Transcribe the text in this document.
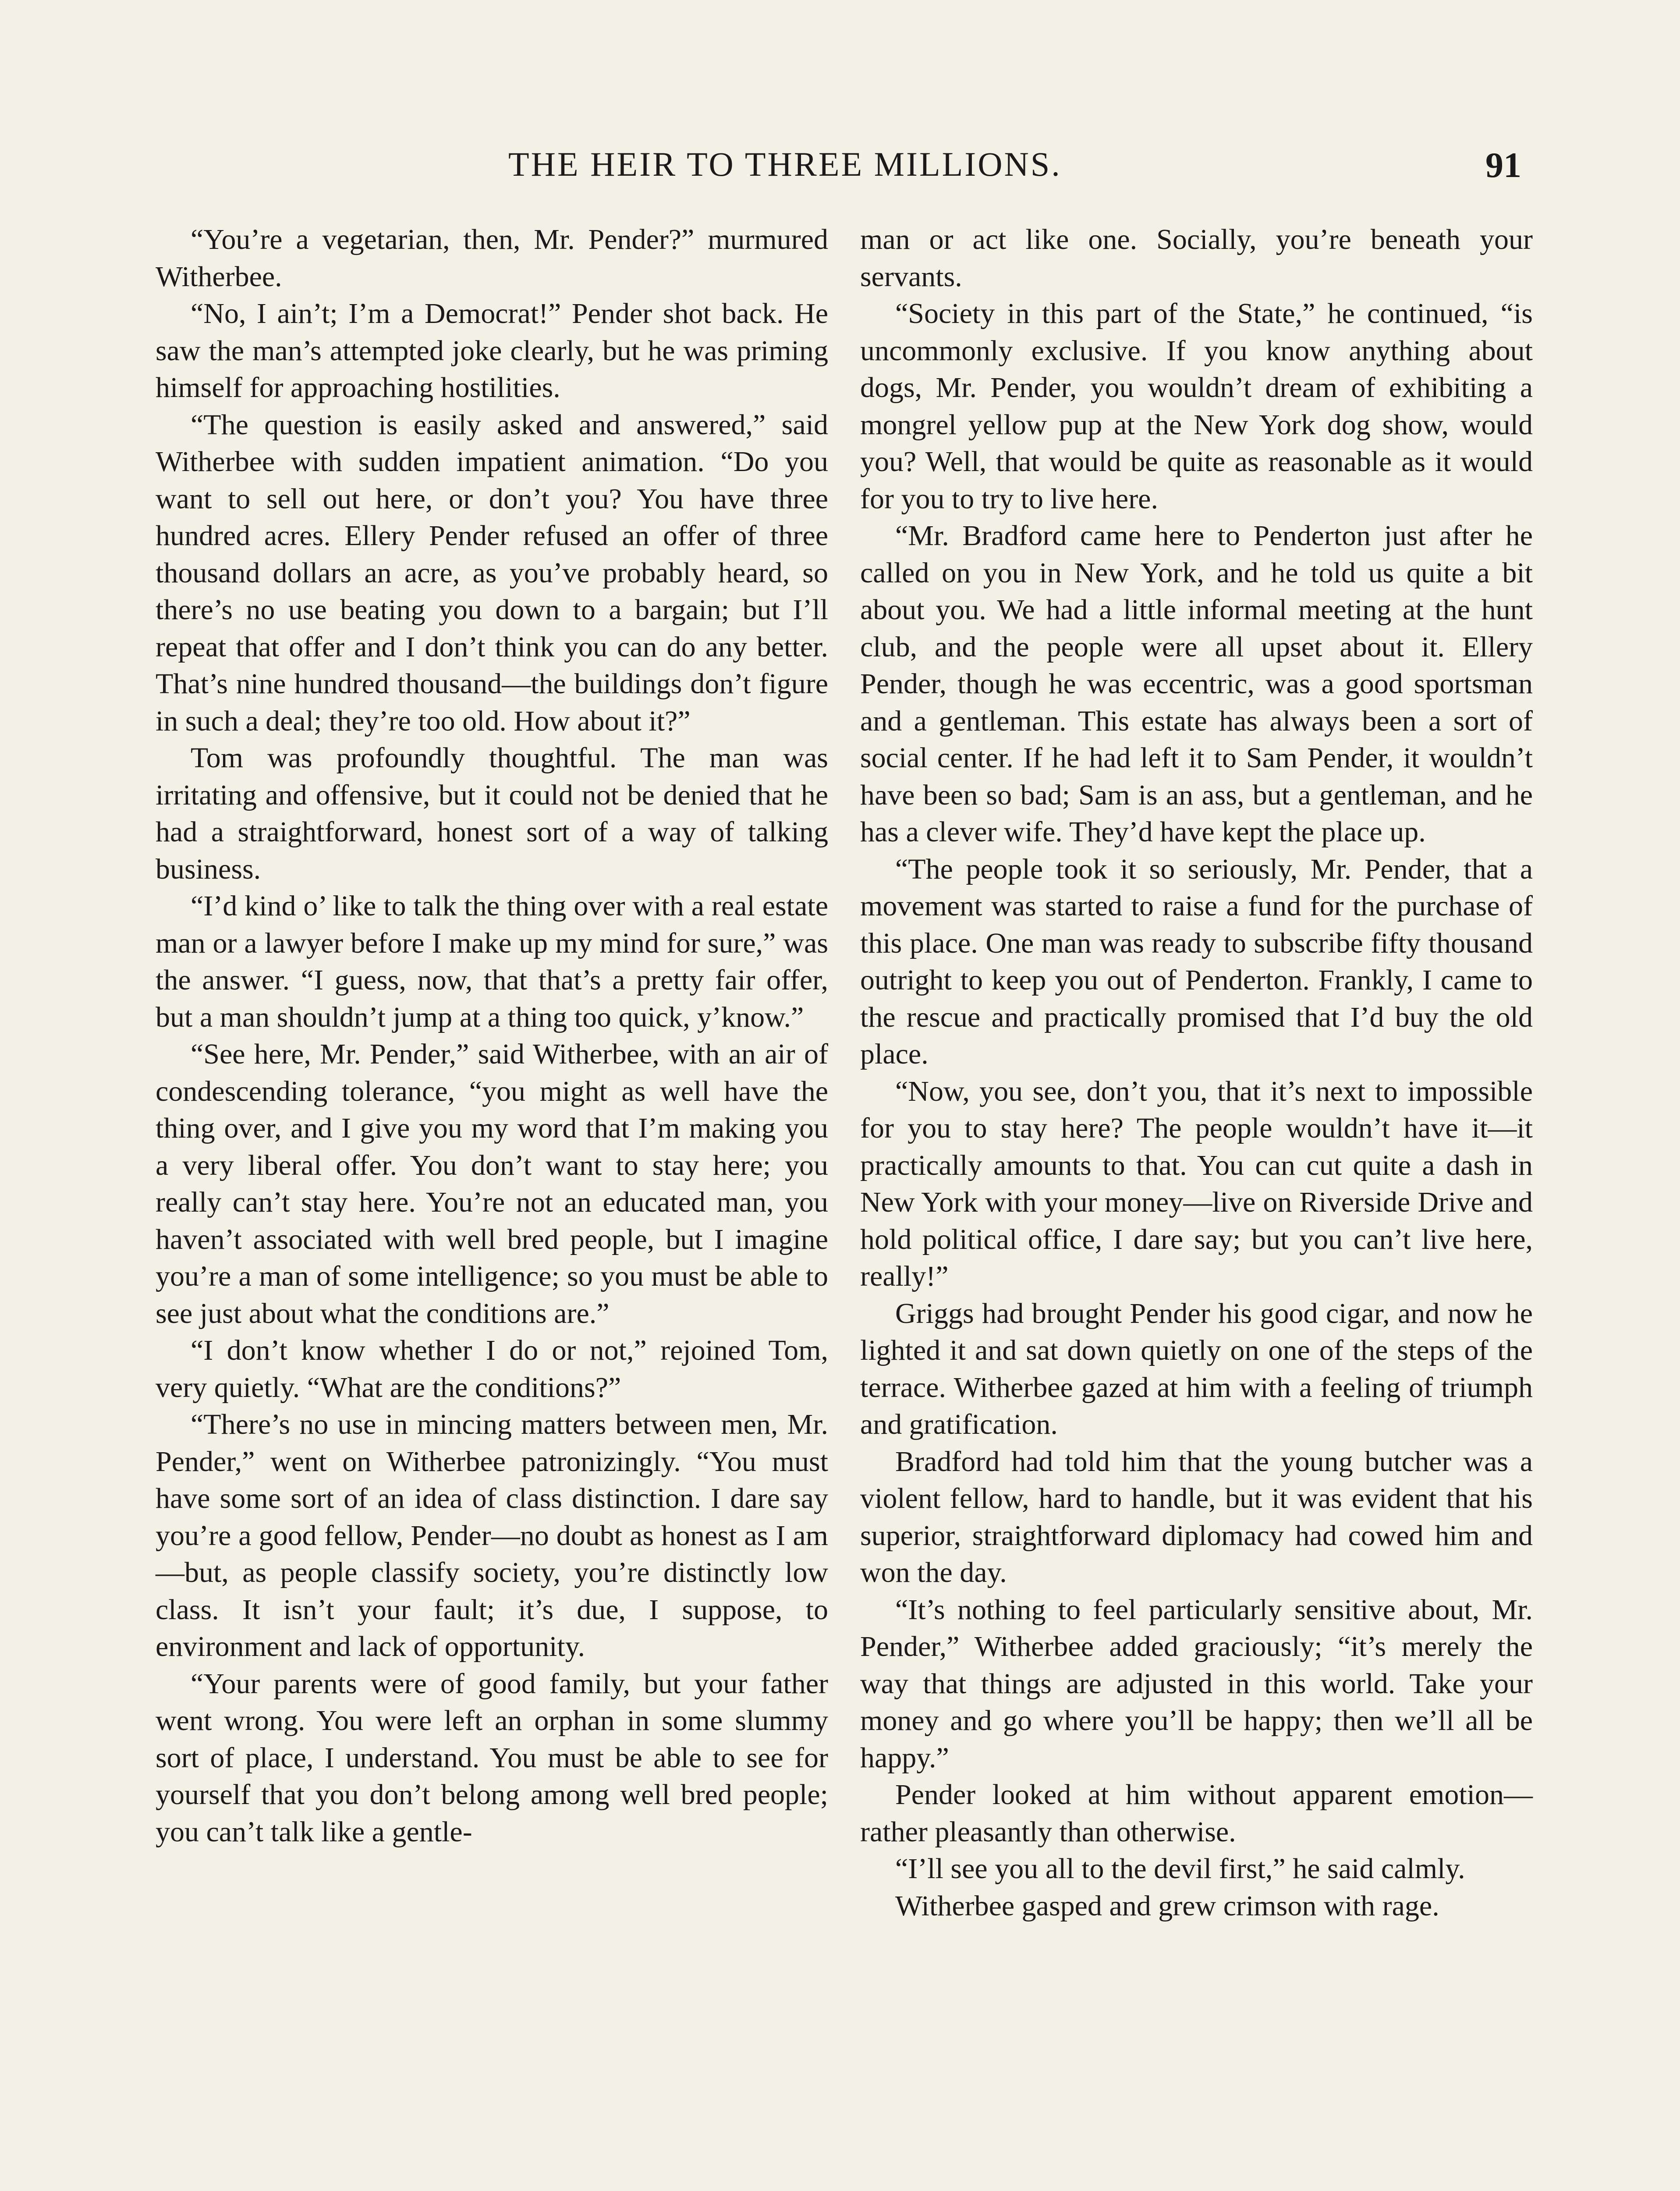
THE HEIR TO THREE MILLIONS.	91

“You’re a vegetarian, then, Mr. Pender?” murmured Witherbee.

“No, I ain’t; I’m a Democrat!” Pender shot back. He saw the man’s attempted joke clearly, but he was priming himself for approaching hostilities.

“The question is easily asked and answered,” said Witherbee with sudden impatient animation. “Do you want to sell out here, or don’t you? You have three hundred acres. Ellery Pender refused an offer of three thousand dollars an acre, as you’ve probably heard, so there’s no use beating you down to a bargain; but I’ll repeat that offer and I don’t think you can do any better. That’s nine hundred thousand—the buildings don’t figure in such a deal; they’re too old. How about it?”

Tom was profoundly thoughtful. The man was irritating and offensive, but it could not be denied that he had a straightforward, honest sort of a way of talking business.

“I’d kind o’ like to talk the thing over with a real estate man or a lawyer before I make up my mind for sure,” was the answer. “I guess, now, that that’s a pretty fair offer, but a man shouldn’t jump at a thing too quick, y’know.”

“See here, Mr. Pender,” said Witherbee, with an air of condescending tolerance, “you might as well have the thing over, and I give you my word that I’m making you a very liberal offer. You don’t want to stay here; you really can’t stay here. You’re not an educated man, you haven’t associated with well bred people, but I imagine you’re a man of some intelligence; so you must be able to see just about what the conditions are.”

“I don’t know whether I do or not,” rejoined Tom, very quietly. “What are the conditions?”

“There’s no use in mincing matters between men, Mr. Pender,” went on Witherbee patronizingly. “You must have some sort of an idea of class distinction. I dare say you’re a good fellow, Pender—no doubt as honest as I am—but, as people classify society, you’re distinctly low class. It isn’t your fault; it’s due, I suppose, to environment and lack of opportunity.

“Your parents were of good family, but your father went wrong. You were left an orphan in some slummy sort of place, I understand. You must be able to see for yourself that you don’t belong among well bred people; you can’t talk like a gentle-

man or act like one. Socially, you’re beneath your servants.

“Society in this part of the State,” he continued, “is uncommonly exclusive. If you know anything about dogs, Mr. Pender, you wouldn’t dream of exhibiting a mongrel yellow pup at the New York dog show, would you? Well, that would be quite as reasonable as it would for you to try to live here.

“Mr. Bradford came here to Penderton just after he called on you in New York, and he told us quite a bit about you. We had a little informal meeting at the hunt club, and the people were all upset about it. Ellery Pender, though he was eccentric, was a good sportsman and a gentleman. This estate has always been a sort of social center. If he had left it to Sam Pender, it wouldn’t have been so bad; Sam is an ass, but a gentleman, and he has a clever wife. They’d have kept the place up.

“The people took it so seriously, Mr. Pender, that a movement was started to raise a fund for the purchase of this place. One man was ready to subscribe fifty thousand outright to keep you out of Penderton. Frankly, I came to the rescue and practically promised that I’d buy the old place.

“Now, you see, don’t you, that it’s next to impossible for you to stay here? The people wouldn’t have it—it practically amounts to that. You can cut quite a dash in New York with your money—live on Riverside Drive and hold political office, I dare say; but you can’t live here, really!”

Griggs had brought Pender his good cigar, and now he lighted it and sat down quietly on one of the steps of the terrace. Witherbee gazed at him with a feeling of triumph and gratification.

Bradford had told him that the young butcher was a violent fellow, hard to handle, but it was evident that his superior, straightforward diplomacy had cowed him and won the day.

“It’s nothing to feel particularly sensitive about, Mr. Pender,” Witherbee added graciously; “it’s merely the way that things are adjusted in this world. Take your money and go where you’ll be happy; then we’ll all be happy.”

Pender looked at him without apparent emotion—rather pleasantly than otherwise.

“I’ll see you all to the devil first,” he said calmly.

Witherbee gasped and grew crimson with rage.
